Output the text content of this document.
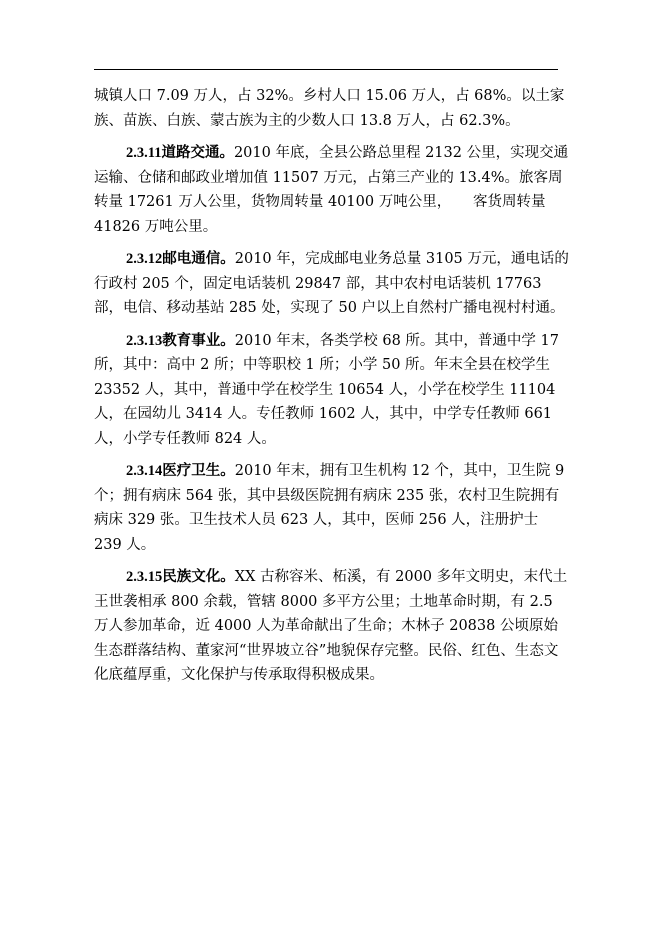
城镇人口 7.09 万人，占 32%。乡村人口 15.06 万人，占 68%。以土家族、苗族、白族、蒙古族为主的少数人口 13.8 万人，占 62.3%。

2.3.11道路交通。2010 年底，全县公路总里程 2132 公里，实现交通运输、仓储和邮政业增加值 11507 万元，占第三产业的 13.4%。旅客周转量 17261 万人公里，货物周转量 40100 万吨公里，　　客货周转量 41826 万吨公里。

2.3.12邮电通信。2010 年，完成邮电业务总量 3105 万元，通电话的行政村 205 个，固定电话装机 29847 部，其中农村电话装机 17763 部，电信、移动基站 285 处，实现了 50 户以上自然村广播电视村村通。

2.3.13教育事业。2010 年末，各类学校 68 所。其中，普通中学 17 所，其中：高中 2 所；中等职校 1 所；小学 50 所。年末全县在校学生 23352 人，其中，普通中学在校学生 10654 人，小学在校学生 11104 人，在园幼儿 3414 人。专任教师 1602 人，其中，中学专任教师 661 人，小学专任教师 824 人。

2.3.14医疗卫生。2010 年末，拥有卫生机构 12 个，其中，卫生院 9 个；拥有病床 564 张，其中县级医院拥有病床 235 张，农村卫生院拥有病床 329 张。卫生技术人员 623 人，其中，医师 256 人，注册护士 239 人。

2.3.15民族文化。XX 古称容米、柘溪，有 2000 多年文明史，末代土王世袭相承 800 余载，管辖 8000 多平方公里；土地革命时期，有 2.5 万人参加革命，近 4000 人为革命献出了生命；木林子 20838 公顷原始生态群落结构、董家河“世界坡立谷”地貌保存完整。民俗、红色、生态文化底蕴厚重，文化保护与传承取得积极成果。
